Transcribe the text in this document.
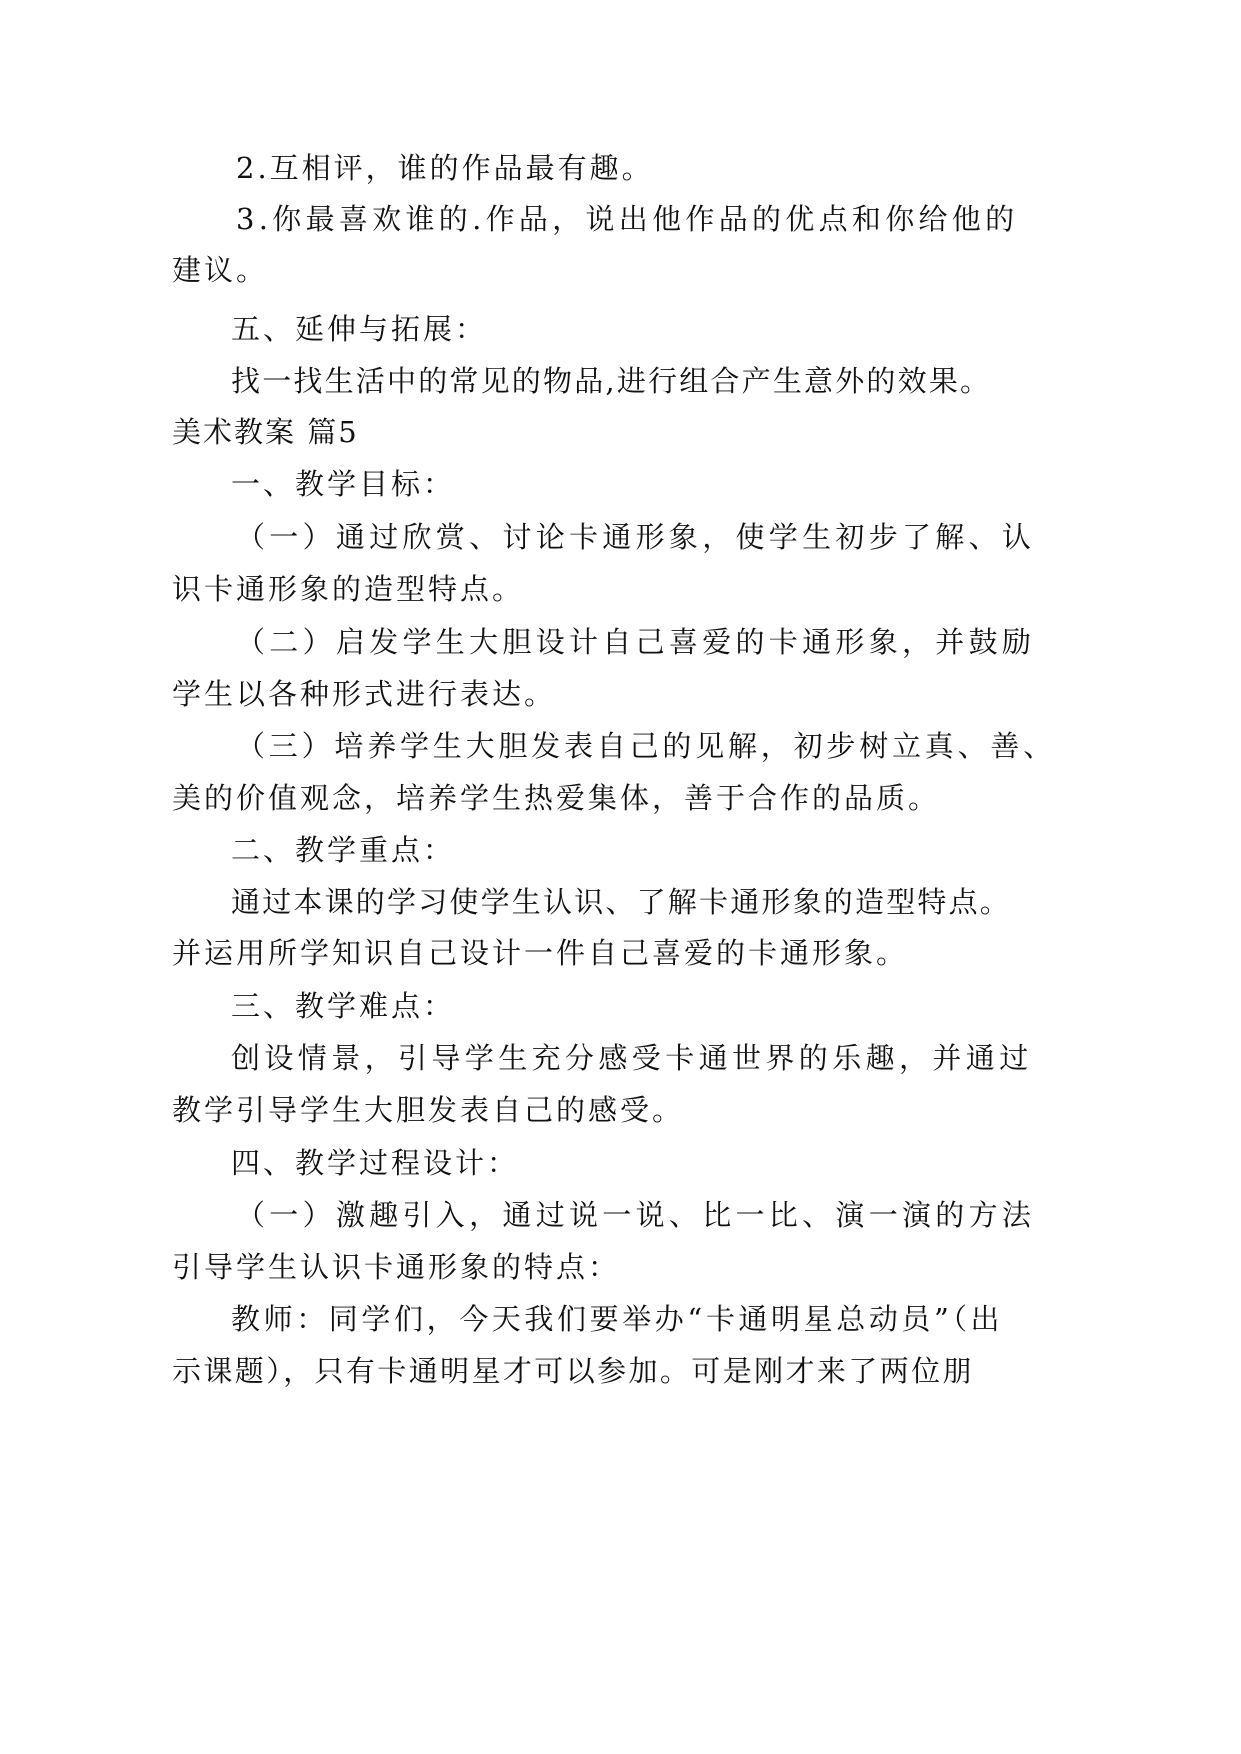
2.互相评，谁的作品最有趣。
3.你最喜欢谁的.作品，说出他作品的优点和你给他的
建议。
五、延伸与拓展：
找一找生活中的常见的物品,进行组合产生意外的效果。
美术教案 篇5
一、教学目标：
（一）通过欣赏、讨论卡通形象，使学生初步了解、认
识卡通形象的造型特点。
（二）启发学生大胆设计自己喜爱的卡通形象，并鼓励
学生以各种形式进行表达。
（三）培养学生大胆发表自己的见解，初步树立真、善、
美的价值观念，培养学生热爱集体，善于合作的品质。
二、教学重点：
通过本课的学习使学生认识、了解卡通形象的造型特点。
并运用所学知识自己设计一件自己喜爱的卡通形象。
三、教学难点：
创设情景，引导学生充分感受卡通世界的乐趣，并通过
教学引导学生大胆发表自己的感受。
四、教学过程设计：
（一）激趣引入，通过说一说、比一比、演一演的方法
引导学生认识卡通形象的特点：
教师：同学们，今天我们要举办“卡通明星总动员”（出
示课题），只有卡通明星才可以参加。可是刚才来了两位朋
